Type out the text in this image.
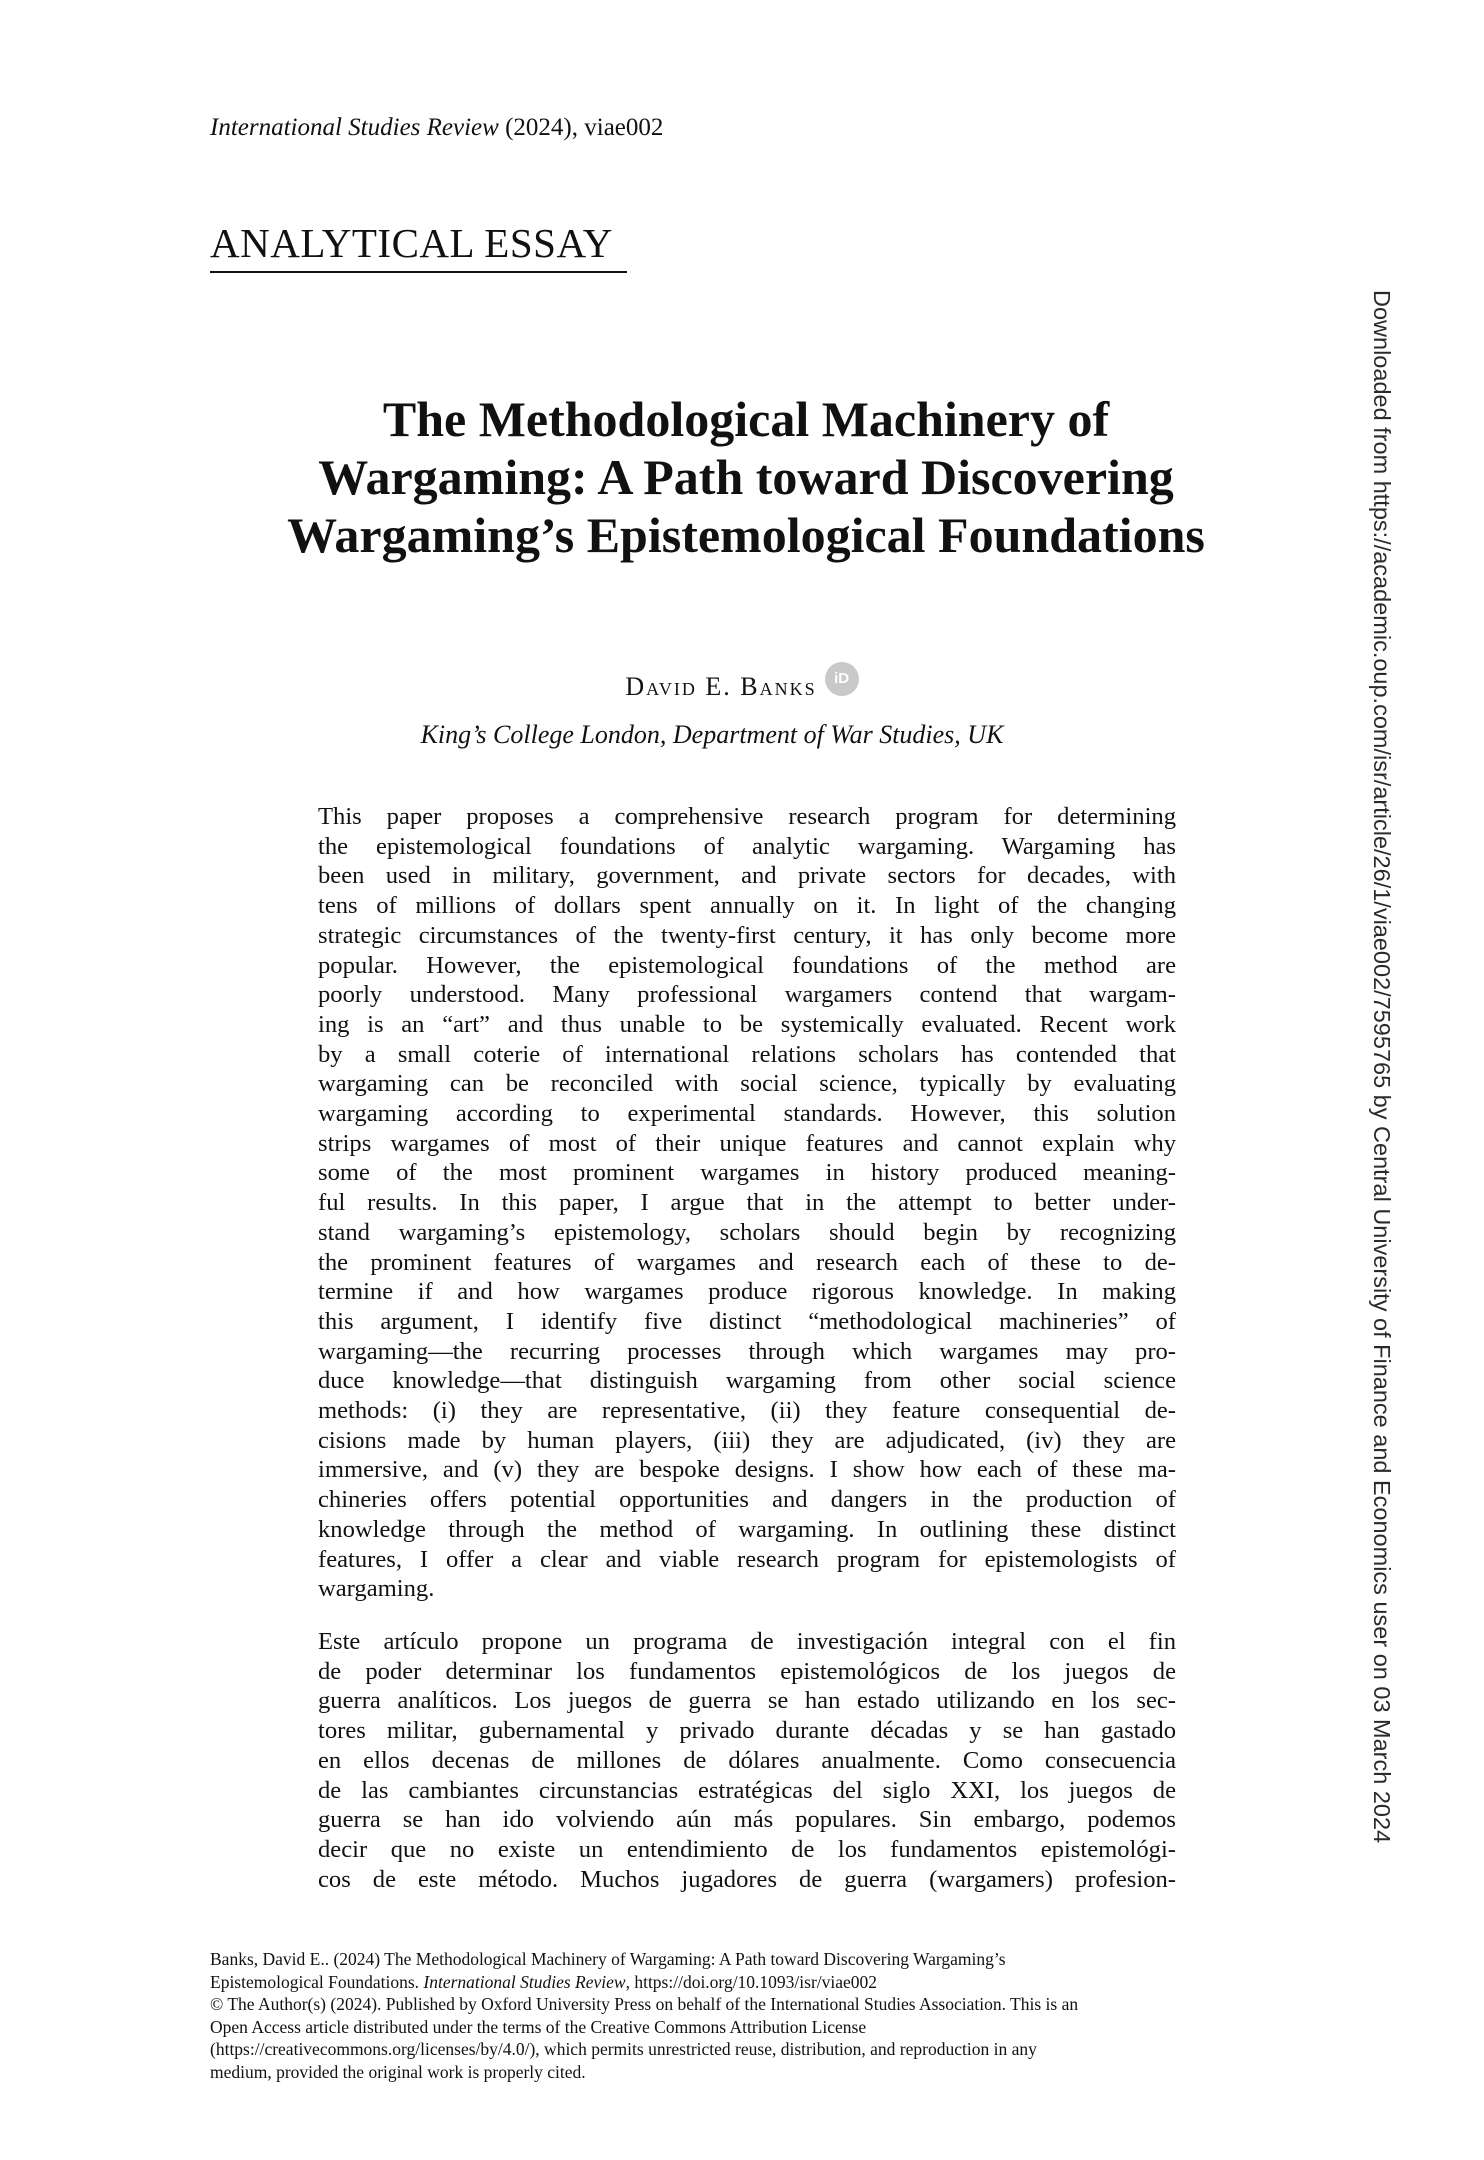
International Studies Review (2024), viae002
ANALYTICAL ESSAY
The Methodological Machinery of
Wargaming: A Path toward Discovering
Wargaming’s Epistemological Foundations
David E. Banks iD
King’s College London, Department of War Studies, UK
This paper proposes a comprehensive research program for determining
the epistemological foundations of analytic wargaming. Wargaming has
been used in military, government, and private sectors for decades, with
tens of millions of dollars spent annually on it. In light of the changing
strategic circumstances of the twenty-first century, it has only become more
popular. However, the epistemological foundations of the method are
poorly understood. Many professional wargamers contend that wargam-
ing is an “art” and thus unable to be systemically evaluated. Recent work
by a small coterie of international relations scholars has contended that
wargaming can be reconciled with social science, typically by evaluating
wargaming according to experimental standards. However, this solution
strips wargames of most of their unique features and cannot explain why
some of the most prominent wargames in history produced meaning-
ful results. In this paper, I argue that in the attempt to better under-
stand wargaming’s epistemology, scholars should begin by recognizing
the prominent features of wargames and research each of these to de-
termine if and how wargames produce rigorous knowledge. In making
this argument, I identify five distinct “methodological machineries” of
wargaming—the recurring processes through which wargames may pro-
duce knowledge—that distinguish wargaming from other social science
methods: (i) they are representative, (ii) they feature consequential de-
cisions made by human players, (iii) they are adjudicated, (iv) they are
immersive, and (v) they are bespoke designs. I show how each of these ma-
chineries offers potential opportunities and dangers in the production of
knowledge through the method of wargaming. In outlining these distinct
features, I offer a clear and viable research program for epistemologists of
wargaming.
Este artículo propone un programa de investigación integral con el fin
de poder determinar los fundamentos epistemológicos de los juegos de
guerra analíticos. Los juegos de guerra se han estado utilizando en los sec-
tores militar, gubernamental y privado durante décadas y se han gastado
en ellos decenas de millones de dólares anualmente. Como consecuencia
de las cambiantes circunstancias estratégicas del siglo XXI, los juegos de
guerra se han ido volviendo aún más populares. Sin embargo, podemos
decir que no existe un entendimiento de los fundamentos epistemológi-
cos de este método. Muchos jugadores de guerra (wargamers) profesion-
Downloaded from https://academic.oup.com/isr/article/26/1/viae002/7595765 by Central University of Finance and Economics user on 03 March 2024
Banks, David E.. (2024) The Methodological Machinery of Wargaming: A Path toward Discovering Wargaming’s
Epistemological Foundations. International Studies Review, https://doi.org/10.1093/isr/viae002
© The Author(s) (2024). Published by Oxford University Press on behalf of the International Studies Association. This is an
Open Access article distributed under the terms of the Creative Commons Attribution License
(https://creativecommons.org/licenses/by/4.0/), which permits unrestricted reuse, distribution, and reproduction in any
medium, provided the original work is properly cited.
